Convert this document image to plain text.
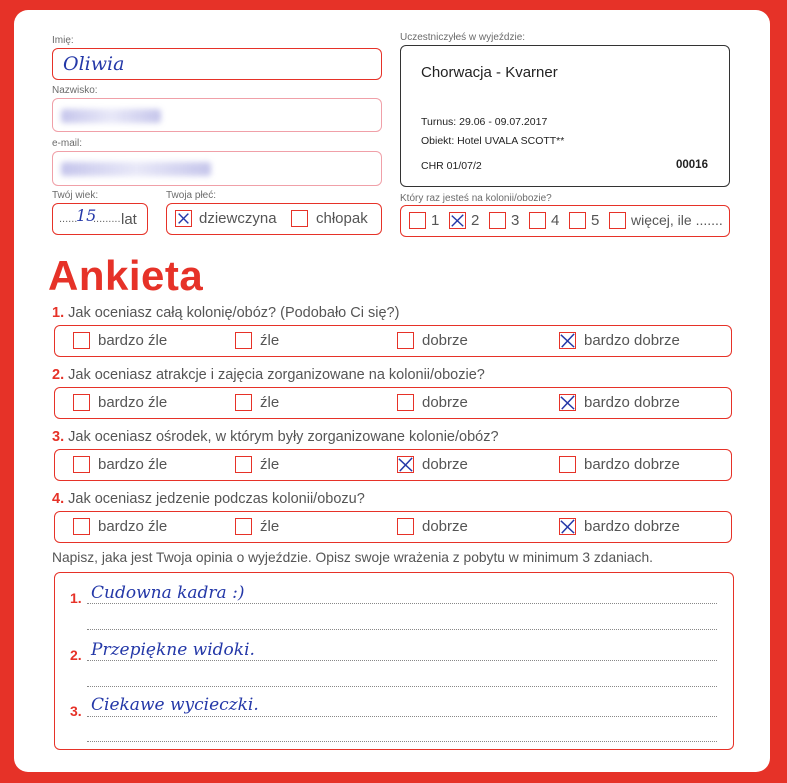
Imię:
Oliwia
Nazwisko:
e-mail:
Twój wiek:
......
15
......... lat
Twoja płeć:
dziewczyna	chłopak
Uczestniczyłeś w wyjeździe:
Chorwacja - Kvarner
Turnus: 29.06 - 09.07.2017
Obiekt: Hotel UVALA SCOTT**
CHR 01/07/2	00016
Który raz jesteś na kolonii/obozie?
1 2 3 4 5 więcej, ile .......
Ankieta
1. Jak oceniasz całą kolonię/obóz? (Podobało Ci się?)
bardzo źle	źle	dobrze	bardzo dobrze
2. Jak oceniasz atrakcje i zajęcia zorganizowane na kolonii/obozie?
bardzo źle	źle	dobrze	bardzo dobrze
3. Jak oceniasz ośrodek, w którym były zorganizowane kolonie/obóz?
bardzo źle	źle	dobrze	bardzo dobrze
4. Jak oceniasz jedzenie podczas kolonii/obozu?
bardzo źle	źle	dobrze	bardzo dobrze
Napisz, jaka jest Twoja opinia o wyjeździe. Opisz swoje wrażenia z pobytu w minimum 3 zdaniach.
1. Cudowna kadra :)
2. Przepiękne widoki.
3. Ciekawe wycieczki.
